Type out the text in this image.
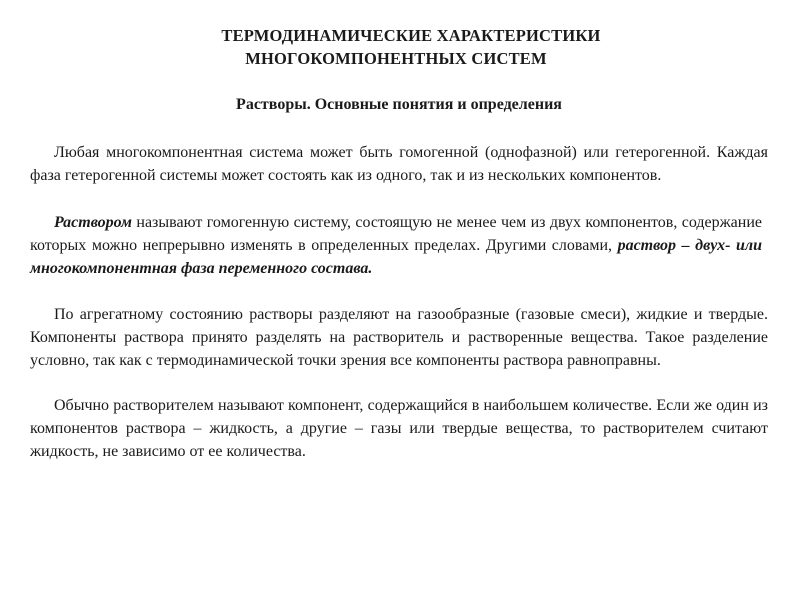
ТЕРМОДИНАМИЧЕСКИЕ ХАРАКТЕРИСТИКИ
МНОГОКОМПОНЕНТНЫХ СИСТЕМ
Растворы. Основные понятия и определения

Любая многокомпонентная система может быть гомогенной (однофазной) или гетерогенной. Каждая фаза гетерогенной системы может состоять как из одного, так и из нескольких компонентов.

Раствором называют гомогенную систему, состоящую не менее чем из двух компонентов, содержание которых можно непрерывно изменять в определенных пределах. Другими словами, раствор – двух- или многокомпонентная фаза переменного состава.

По агрегатному состоянию растворы разделяют на газообразные (газовые смеси), жидкие и твердые. Компоненты раствора принято разделять на растворитель и растворенные вещества. Такое разделение условно, так как с термодинамической точки зрения все компоненты раствора равноправны.

Обычно растворителем называют компонент, содержащийся в наибольшем количестве. Если же один из компонентов раствора – жидкость, а другие – газы или твердые вещества, то растворителем считают жидкость, не зависимо от ее количества.
